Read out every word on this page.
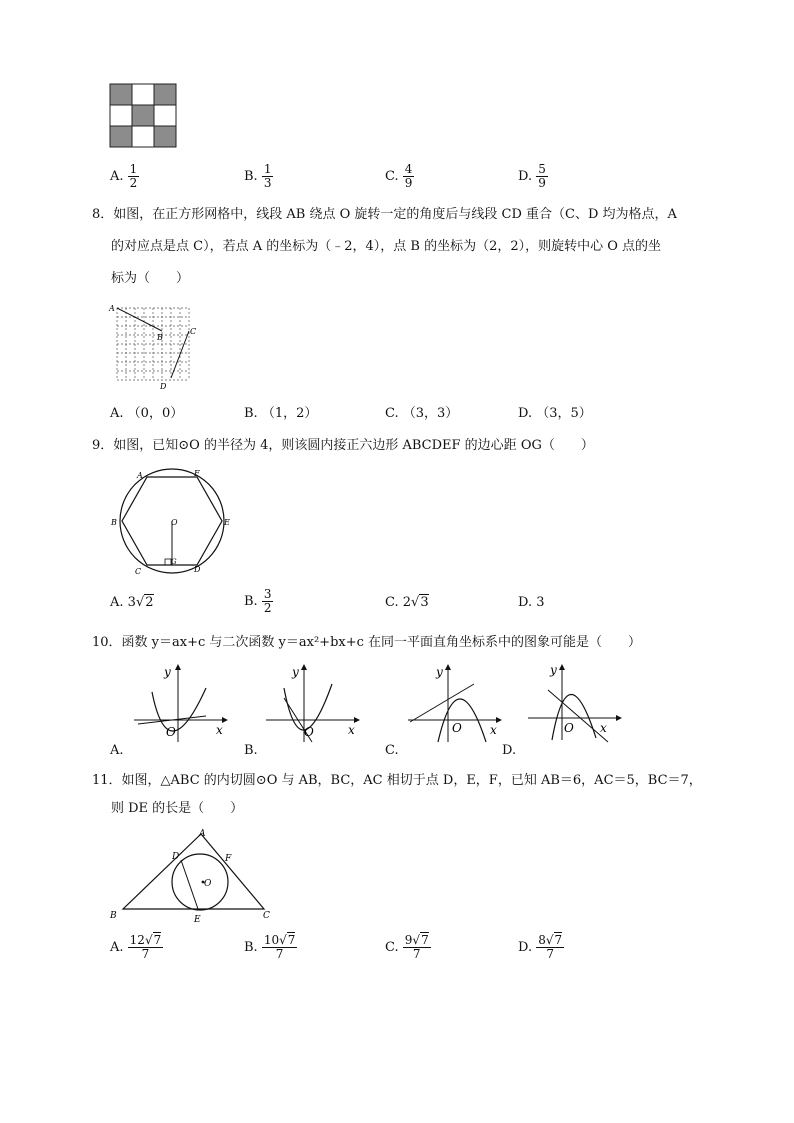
A. $\frac{1}{2}$	B. $\frac{1}{3}$	C. $\frac{4}{9}$	D. $\frac{5}{9}$
8．如图，在正方形网格中，线段 AB 绕点 O 旋转一定的角度后与线段 CD 重合（C、D 均为格点，A
的对应点是点 C），若点 A 的坐标为（﹣2，4），点 B 的坐标为（2，2），则旋转中心 O 点的坐
标为（　　）
A
B
C
D
A. （0，0）	B. （1，2）	C. （3，3）	D. （3，5）
9．如图，已知⊙O 的半径为 4，则该圆内接正六边形 ABCDEF 的边心距 OG（　　）
A	F
B	E
C	D
O
G
A. 3√2	B. $\frac{3}{2}$	C. 2√3	D. 3
10．函数 y＝ax+c 与二次函数 y＝ax²+bx+c 在同一平面直角坐标系中的图象可能是（　　）
y
x
O
y
x
O
y
x
O
y
x
O
A.	B.	C.	D.
11．如图，△ABC 的内切圆⊙O 与 AB，BC，AC 相切于点 D，E，F，已知 AB＝6，AC＝5，BC＝7，
则 DE 的长是（　　）
A
D	F
O
B	E	C
A. $\frac{12√7}{7}$	B. $\frac{10√7}{7}$	C. $\frac{9√7}{7}$	D. $\frac{8√7}{7}$
